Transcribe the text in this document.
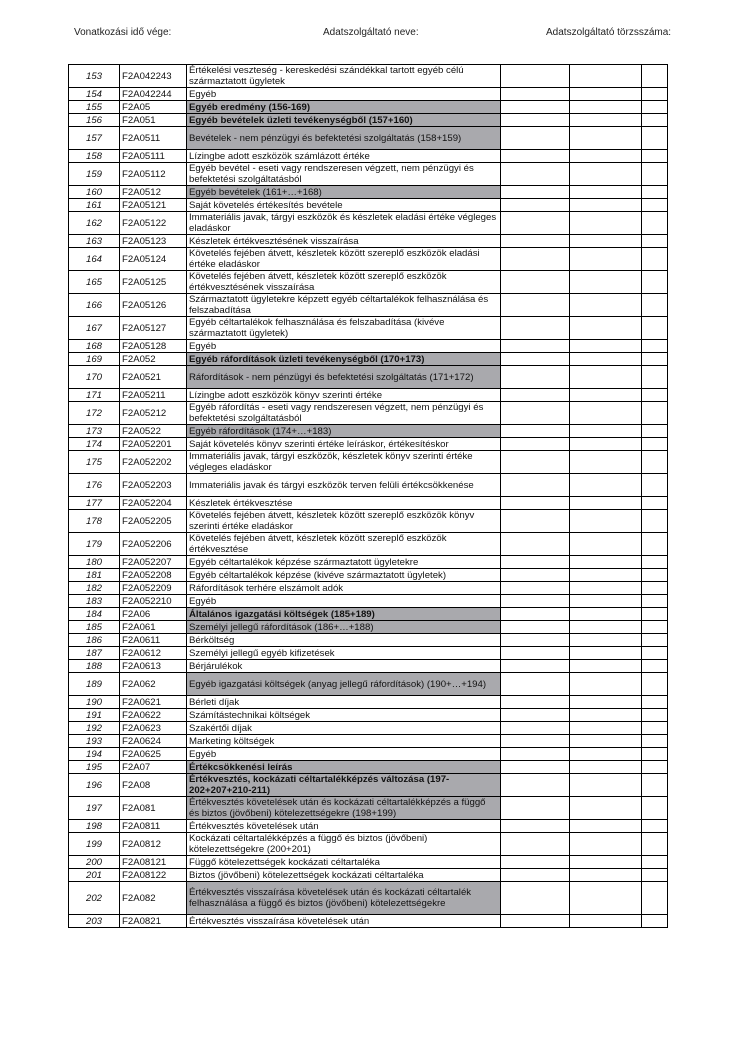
Vonatkozási idő vége:	Adatszolgáltató neve:	Adatszolgáltató törzsszáma:
153	F2A042243	Értékelési veszteség - kereskedési szándékkal tartott egyéb célú származtatott ügyletek			
154	F2A042244	Egyéb			
155	F2A05	Egyéb eredmény (156-169)			
156	F2A051	Egyéb bevételek üzleti tevékenységből (157+160)			
157	F2A0511	Bevételek - nem pénzügyi és befektetési szolgáltatás (158+159)			
158	F2A05111	Lízingbe adott eszközök számlázott értéke			
159	F2A05112	Egyéb bevétel - eseti vagy rendszeresen végzett, nem pénzügyi és befektetési szolgáltatásból			
160	F2A0512	Egyéb bevételek (161+…+168)			
161	F2A05121	Saját követelés értékesítés bevétele			
162	F2A05122	Immateriális javak, tárgyi eszközök és készletek eladási értéke végleges eladáskor			
163	F2A05123	Készletek értékvesztésének visszaírása			
164	F2A05124	Követelés fejében átvett, készletek között szereplő eszközök eladási értéke eladáskor			
165	F2A05125	Követelés fejében átvett, készletek között szereplő eszközök értékvesztésének visszaírása			
166	F2A05126	Származtatott ügyletekre képzett egyéb céltartalékok felhasználása és felszabadítása			
167	F2A05127	Egyéb céltartalékok felhasználása és felszabadítása (kivéve származtatott ügyletek)			
168	F2A05128	Egyéb			
169	F2A052	Egyéb ráfordítások üzleti tevékenységből (170+173)			
170	F2A0521	Ráfordítások - nem pénzügyi és befektetési szolgáltatás (171+172)			
171	F2A05211	Lízingbe adott eszközök könyv szerinti értéke			
172	F2A05212	Egyéb ráfordítás - eseti vagy rendszeresen végzett, nem pénzügyi és befektetési szolgáltatásból			
173	F2A0522	Egyéb ráfordítások (174+…+183)			
174	F2A052201	Saját követelés könyv szerinti értéke leíráskor, értékesítéskor			
175	F2A052202	Immateriális javak, tárgyi eszközök, készletek könyv szerinti értéke végleges eladáskor			
176	F2A052203	Immateriális javak és tárgyi eszközök terven felüli értékcsökkenése			
177	F2A052204	Készletek értékvesztése			
178	F2A052205	Követelés fejében átvett, készletek között szereplő eszközök könyv szerinti értéke eladáskor			
179	F2A052206	Követelés fejében átvett, készletek között szereplő eszközök értékvesztése			
180	F2A052207	Egyéb céltartalékok képzése származtatott ügyletekre			
181	F2A052208	Egyéb céltartalékok képzése (kivéve származtatott ügyletek)			
182	F2A052209	Ráfordítások terhére elszámolt adók			
183	F2A052210	Egyéb			
184	F2A06	Általános igazgatási költségek (185+189)			
185	F2A061	Személyi jellegű ráfordítások (186+…+188)			
186	F2A0611	Bérköltség			
187	F2A0612	Személyi jellegű egyéb kifizetések			
188	F2A0613	Bérjárulékok			
189	F2A062	Egyéb igazgatási költségek (anyag jellegű ráfordítások) (190+…+194)			
190	F2A0621	Bérleti díjak			
191	F2A0622	Számítástechnikai költségek			
192	F2A0623	Szakértői díjak			
193	F2A0624	Marketing költségek			
194	F2A0625	Egyéb			
195	F2A07	Értékcsökkenési leírás			
196	F2A08	Értékvesztés, kockázati céltartalékképzés változása (197-202+207+210-211)			
197	F2A081	Értékvesztés követelések után és kockázati céltartalékképzés a függő és biztos (jövőbeni) kötelezettségekre (198+199)			
198	F2A0811	Értékvesztés követelések után			
199	F2A0812	Kockázati céltartalékképzés a függő és biztos (jövőbeni) kötelezettségekre (200+201)			
200	F2A08121	Függő kötelezettségek kockázati céltartaléka			
201	F2A08122	Biztos (jövőbeni) kötelezettségek kockázati céltartaléka			
202	F2A082	Értékvesztés visszaírása követelések után és kockázati céltartalék felhasználása a függő és biztos (jövőbeni) kötelezettségekre			
203	F2A0821	Értékvesztés visszaírása követelések után			
